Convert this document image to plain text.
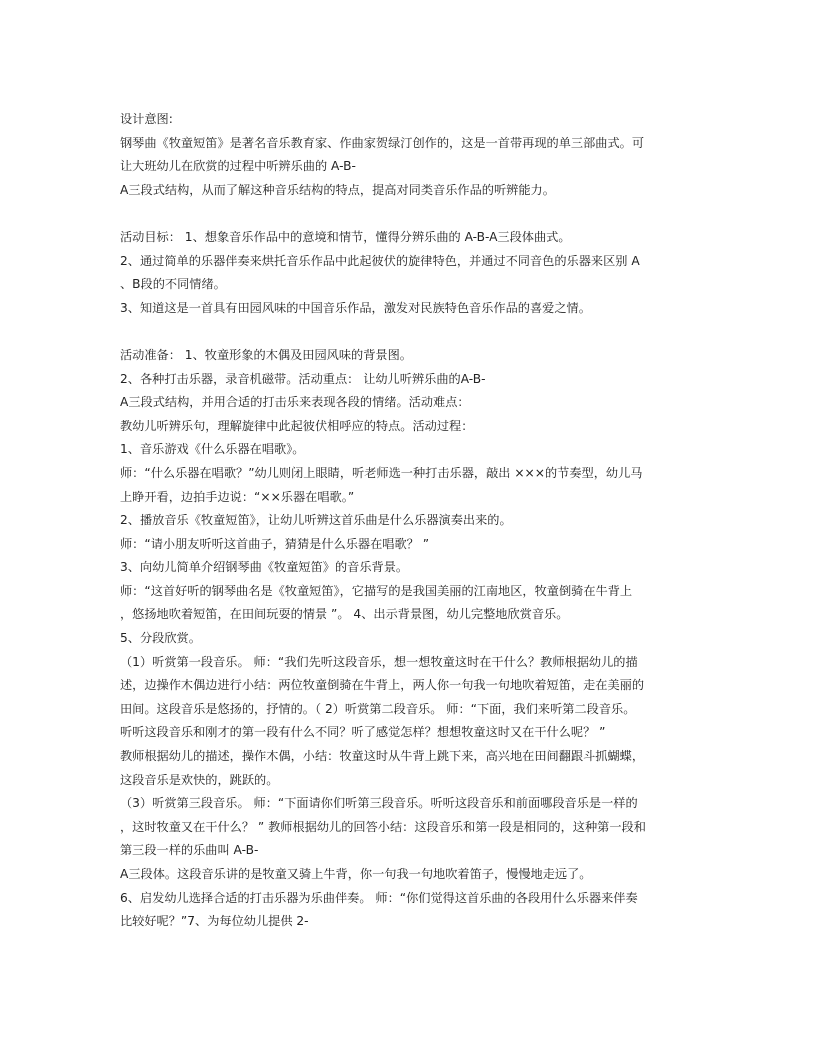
设计意图:

钢琴曲《牧童短笛》是著名音乐教育家、作曲家贺绿汀创作的，这是一首带再现的单三部曲式。可

让大班幼儿在欣赏的过程中听辨乐曲的 A-B-

A三段式结构，从而了解这种音乐结构的特点，提高对同类音乐作品的听辨能力。

活动目标： 1、想象音乐作品中的意境和情节，懂得分辨乐曲的 A-B-A三段体曲式。

2、通过简单的乐器伴奏来烘托音乐作品中此起彼伏的旋律特色，并通过不同音色的乐器来区别 A

、B段的不同情绪。

3、知道这是一首具有田园风味的中国音乐作品，激发对民族特色音乐作品的喜爱之情。

活动准备： 1、牧童形象的木偶及田园风味的背景图。

2、各种打击乐器，录音机磁带。活动重点： 让幼儿听辨乐曲的A-B-

A三段式结构，并用合适的打击乐来表现各段的情绪。活动难点：

教幼儿听辨乐句，理解旋律中此起彼伏相呼应的特点。活动过程：

1、音乐游戏《什么乐器在唱歌》。

师：“什么乐器在唱歌？”幼儿则闭上眼睛，听老师选一种打击乐器，敲出 ×××的节奏型，幼儿马

上睁开看，边拍手边说：“××乐器在唱歌。”

2、播放音乐《牧童短笛》，让幼儿听辨这首乐曲是什么乐器演奏出来的。

师：“请小朋友听听这首曲子，猜猜是什么乐器在唱歌？ ”

3、向幼儿简单介绍钢琴曲《牧童短笛》的音乐背景。

师：“这首好听的钢琴曲名是《牧童短笛》，它描写的是我国美丽的江南地区，牧童倒骑在牛背上

，悠扬地吹着短笛，在田间玩耍的情景 ”。 4、出示背景图，幼儿完整地欣赏音乐。

5、分段欣赏。

（1）听赏第一段音乐。 师：“我们先听这段音乐，想一想牧童这时在干什么？教师根据幼儿的描

述，边操作木偶边进行小结：两位牧童倒骑在牛背上，两人你一句我一句地吹着短笛，走在美丽的

田间。这段音乐是悠扬的，抒情的。（ 2）听赏第二段音乐。 师：“下面，我们来听第二段音乐。

听听这段音乐和刚才的第一段有什么不同？听了感觉怎样？想想牧童这时又在干什么呢？ ”

教师根据幼儿的描述，操作木偶，小结：牧童这时从牛背上跳下来，高兴地在田间翻跟斗抓蝴蝶，

这段音乐是欢快的，跳跃的。

（3）听赏第三段音乐。 师：“下面请你们听第三段音乐。听听这段音乐和前面哪段音乐是一样的

，这时牧童又在干什么？ ” 教师根据幼儿的回答小结：这段音乐和第一段是相同的，这种第一段和

第三段一样的乐曲叫 A-B-

A三段体。这段音乐讲的是牧童又骑上牛背，你一句我一句地吹着笛子，慢慢地走远了。

6、启发幼儿选择合适的打击乐器为乐曲伴奏。 师：“你们觉得这首乐曲的各段用什么乐器来伴奏

比较好呢？”7、为每位幼儿提供 2-
